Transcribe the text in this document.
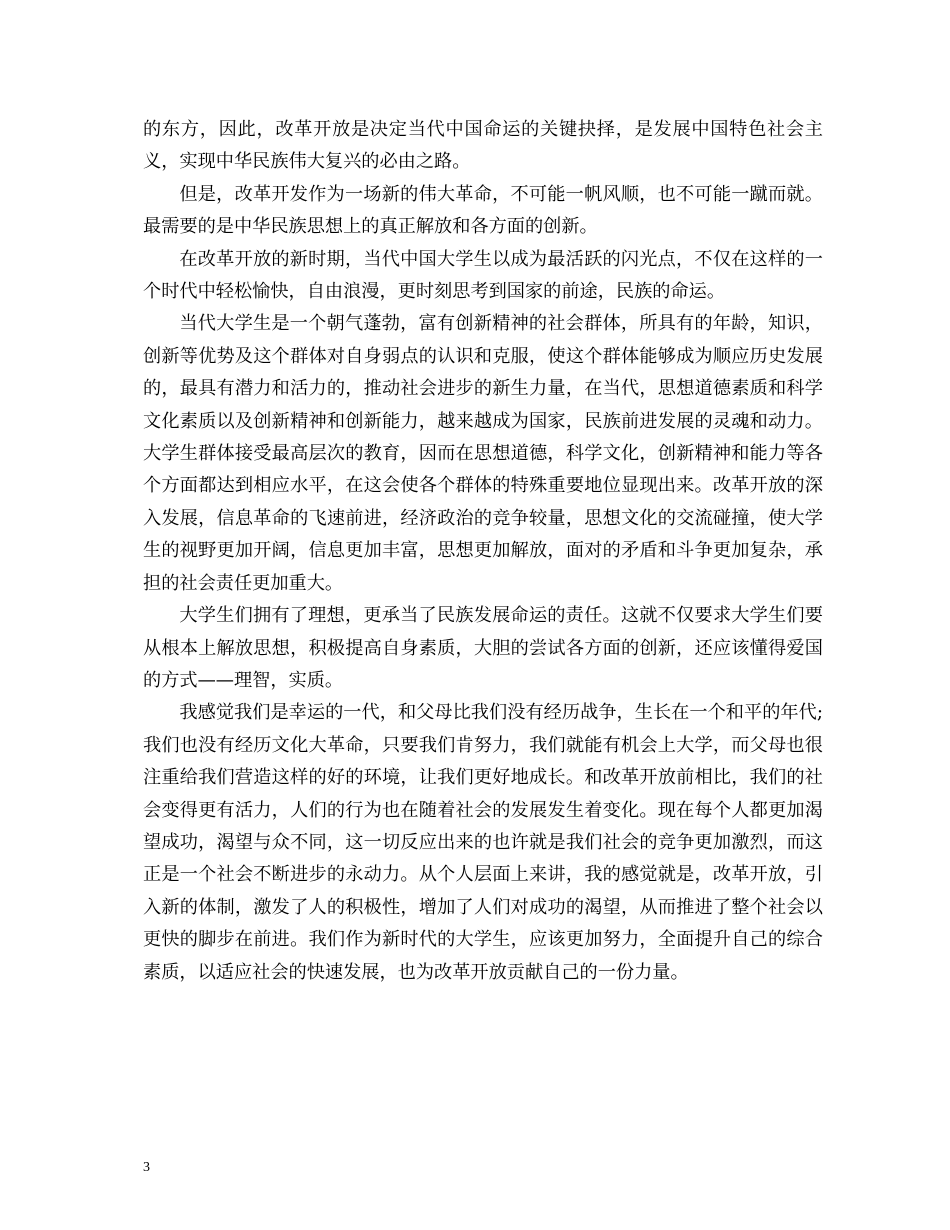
的东方，因此，改革开放是决定当代中国命运的关键抉择，是发展中国特色社会主义，实现中华民族伟大复兴的必由之路。

但是，改革开发作为一场新的伟大革命，不可能一帆风顺，也不可能一蹴而就。最需要的是中华民族思想上的真正解放和各方面的创新。

在改革开放的新时期，当代中国大学生以成为最活跃的闪光点，不仅在这样的一个时代中轻松愉快，自由浪漫，更时刻思考到国家的前途，民族的命运。

当代大学生是一个朝气蓬勃，富有创新精神的社会群体，所具有的年龄，知识，创新等优势及这个群体对自身弱点的认识和克服，使这个群体能够成为顺应历史发展的，最具有潜力和活力的，推动社会进步的新生力量，在当代，思想道德素质和科学文化素质以及创新精神和创新能力，越来越成为国家，民族前进发展的灵魂和动力。大学生群体接受最高层次的教育，因而在思想道德，科学文化，创新精神和能力等各个方面都达到相应水平，在这会使各个群体的特殊重要地位显现出来。改革开放的深入发展，信息革命的飞速前进，经济政治的竞争较量，思想文化的交流碰撞，使大学生的视野更加开阔，信息更加丰富，思想更加解放，面对的矛盾和斗争更加复杂，承担的社会责任更加重大。

大学生们拥有了理想，更承当了民族发展命运的责任。这就不仅要求大学生们要从根本上解放思想，积极提高自身素质，大胆的尝试各方面的创新，还应该懂得爱国的方式——理智，实质。

我感觉我们是幸运的一代，和父母比我们没有经历战争，生长在一个和平的年代;我们也没有经历文化大革命，只要我们肯努力，我们就能有机会上大学，而父母也很注重给我们营造这样的好的环境，让我们更好地成长。和改革开放前相比，我们的社会变得更有活力，人们的行为也在随着社会的发展发生着变化。现在每个人都更加渴望成功，渴望与众不同，这一切反应出来的也许就是我们社会的竞争更加激烈，而这正是一个社会不断进步的永动力。从个人层面上来讲，我的感觉就是，改革开放，引入新的体制，激发了人的积极性，增加了人们对成功的渴望，从而推进了整个社会以更快的脚步在前进。我们作为新时代的大学生，应该更加努力，全面提升自己的综合素质，以适应社会的快速发展，也为改革开放贡献自己的一份力量。

3
